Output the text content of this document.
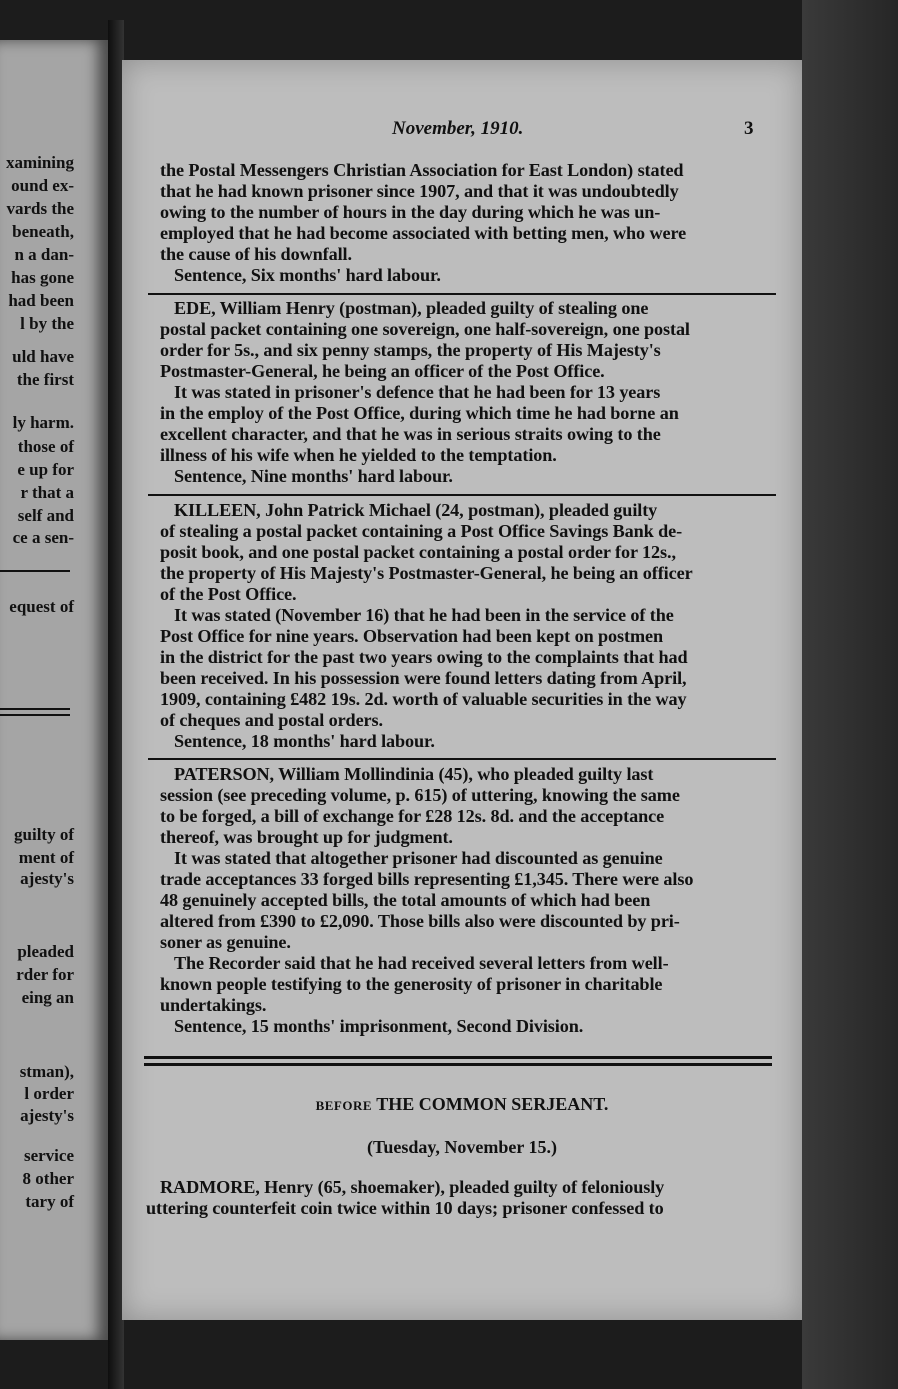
xamining
ound ex-
vards the
beneath,
n a dan-
has gone
had been
l by the
uld have
the first
ly harm.
those of
e up for
r that a
self and
ce a sen-
equest of
guilty of
ment of
ajesty's
pleaded
rder for
eing an
stman),
l order
ajesty's
service
8 other
tary of
November, 1910.	3
the Postal Messengers Christian Association for East London) stated
that he had known prisoner since 1907, and that it was undoubtedly
owing to the number of hours in the day during which he was un-
employed that he had become associated with betting men, who were
the cause of his downfall.
Sentence, Six months' hard labour.
EDE, William Henry (postman), pleaded guilty of stealing one
postal packet containing one sovereign, one half-sovereign, one postal
order for 5s., and six penny stamps, the property of His Majesty's
Postmaster-General, he being an officer of the Post Office.
It was stated in prisoner's defence that he had been for 13 years
in the employ of the Post Office, during which time he had borne an
excellent character, and that he was in serious straits owing to the
illness of his wife when he yielded to the temptation.
Sentence, Nine months' hard labour.
KILLEEN, John Patrick Michael (24, postman), pleaded guilty
of stealing a postal packet containing a Post Office Savings Bank de-
posit book, and one postal packet containing a postal order for 12s.,
the property of His Majesty's Postmaster-General, he being an officer
of the Post Office.
It was stated (November 16) that he had been in the service of the
Post Office for nine years. Observation had been kept on postmen
in the district for the past two years owing to the complaints that had
been received. In his possession were found letters dating from April,
1909, containing £482 19s. 2d. worth of valuable securities in the way
of cheques and postal orders.
Sentence, 18 months' hard labour.
PATERSON, William Mollindinia (45), who pleaded guilty last
session (see preceding volume, p. 615) of uttering, knowing the same
to be forged, a bill of exchange for £28 12s. 8d. and the acceptance
thereof, was brought up for judgment.
It was stated that altogether prisoner had discounted as genuine
trade acceptances 33 forged bills representing £1,345. There were also
48 genuinely accepted bills, the total amounts of which had been
altered from £390 to £2,090. Those bills also were discounted by pri-
soner as genuine.
The Recorder said that he had received several letters from well-
known people testifying to the generosity of prisoner in charitable
undertakings.
Sentence, 15 months' imprisonment, Second Division.
BEFORE THE COMMON SERJEANT.
(Tuesday, November 15.)
RADMORE, Henry (65, shoemaker), pleaded guilty of feloniously
uttering counterfeit coin twice within 10 days; prisoner confessed to
